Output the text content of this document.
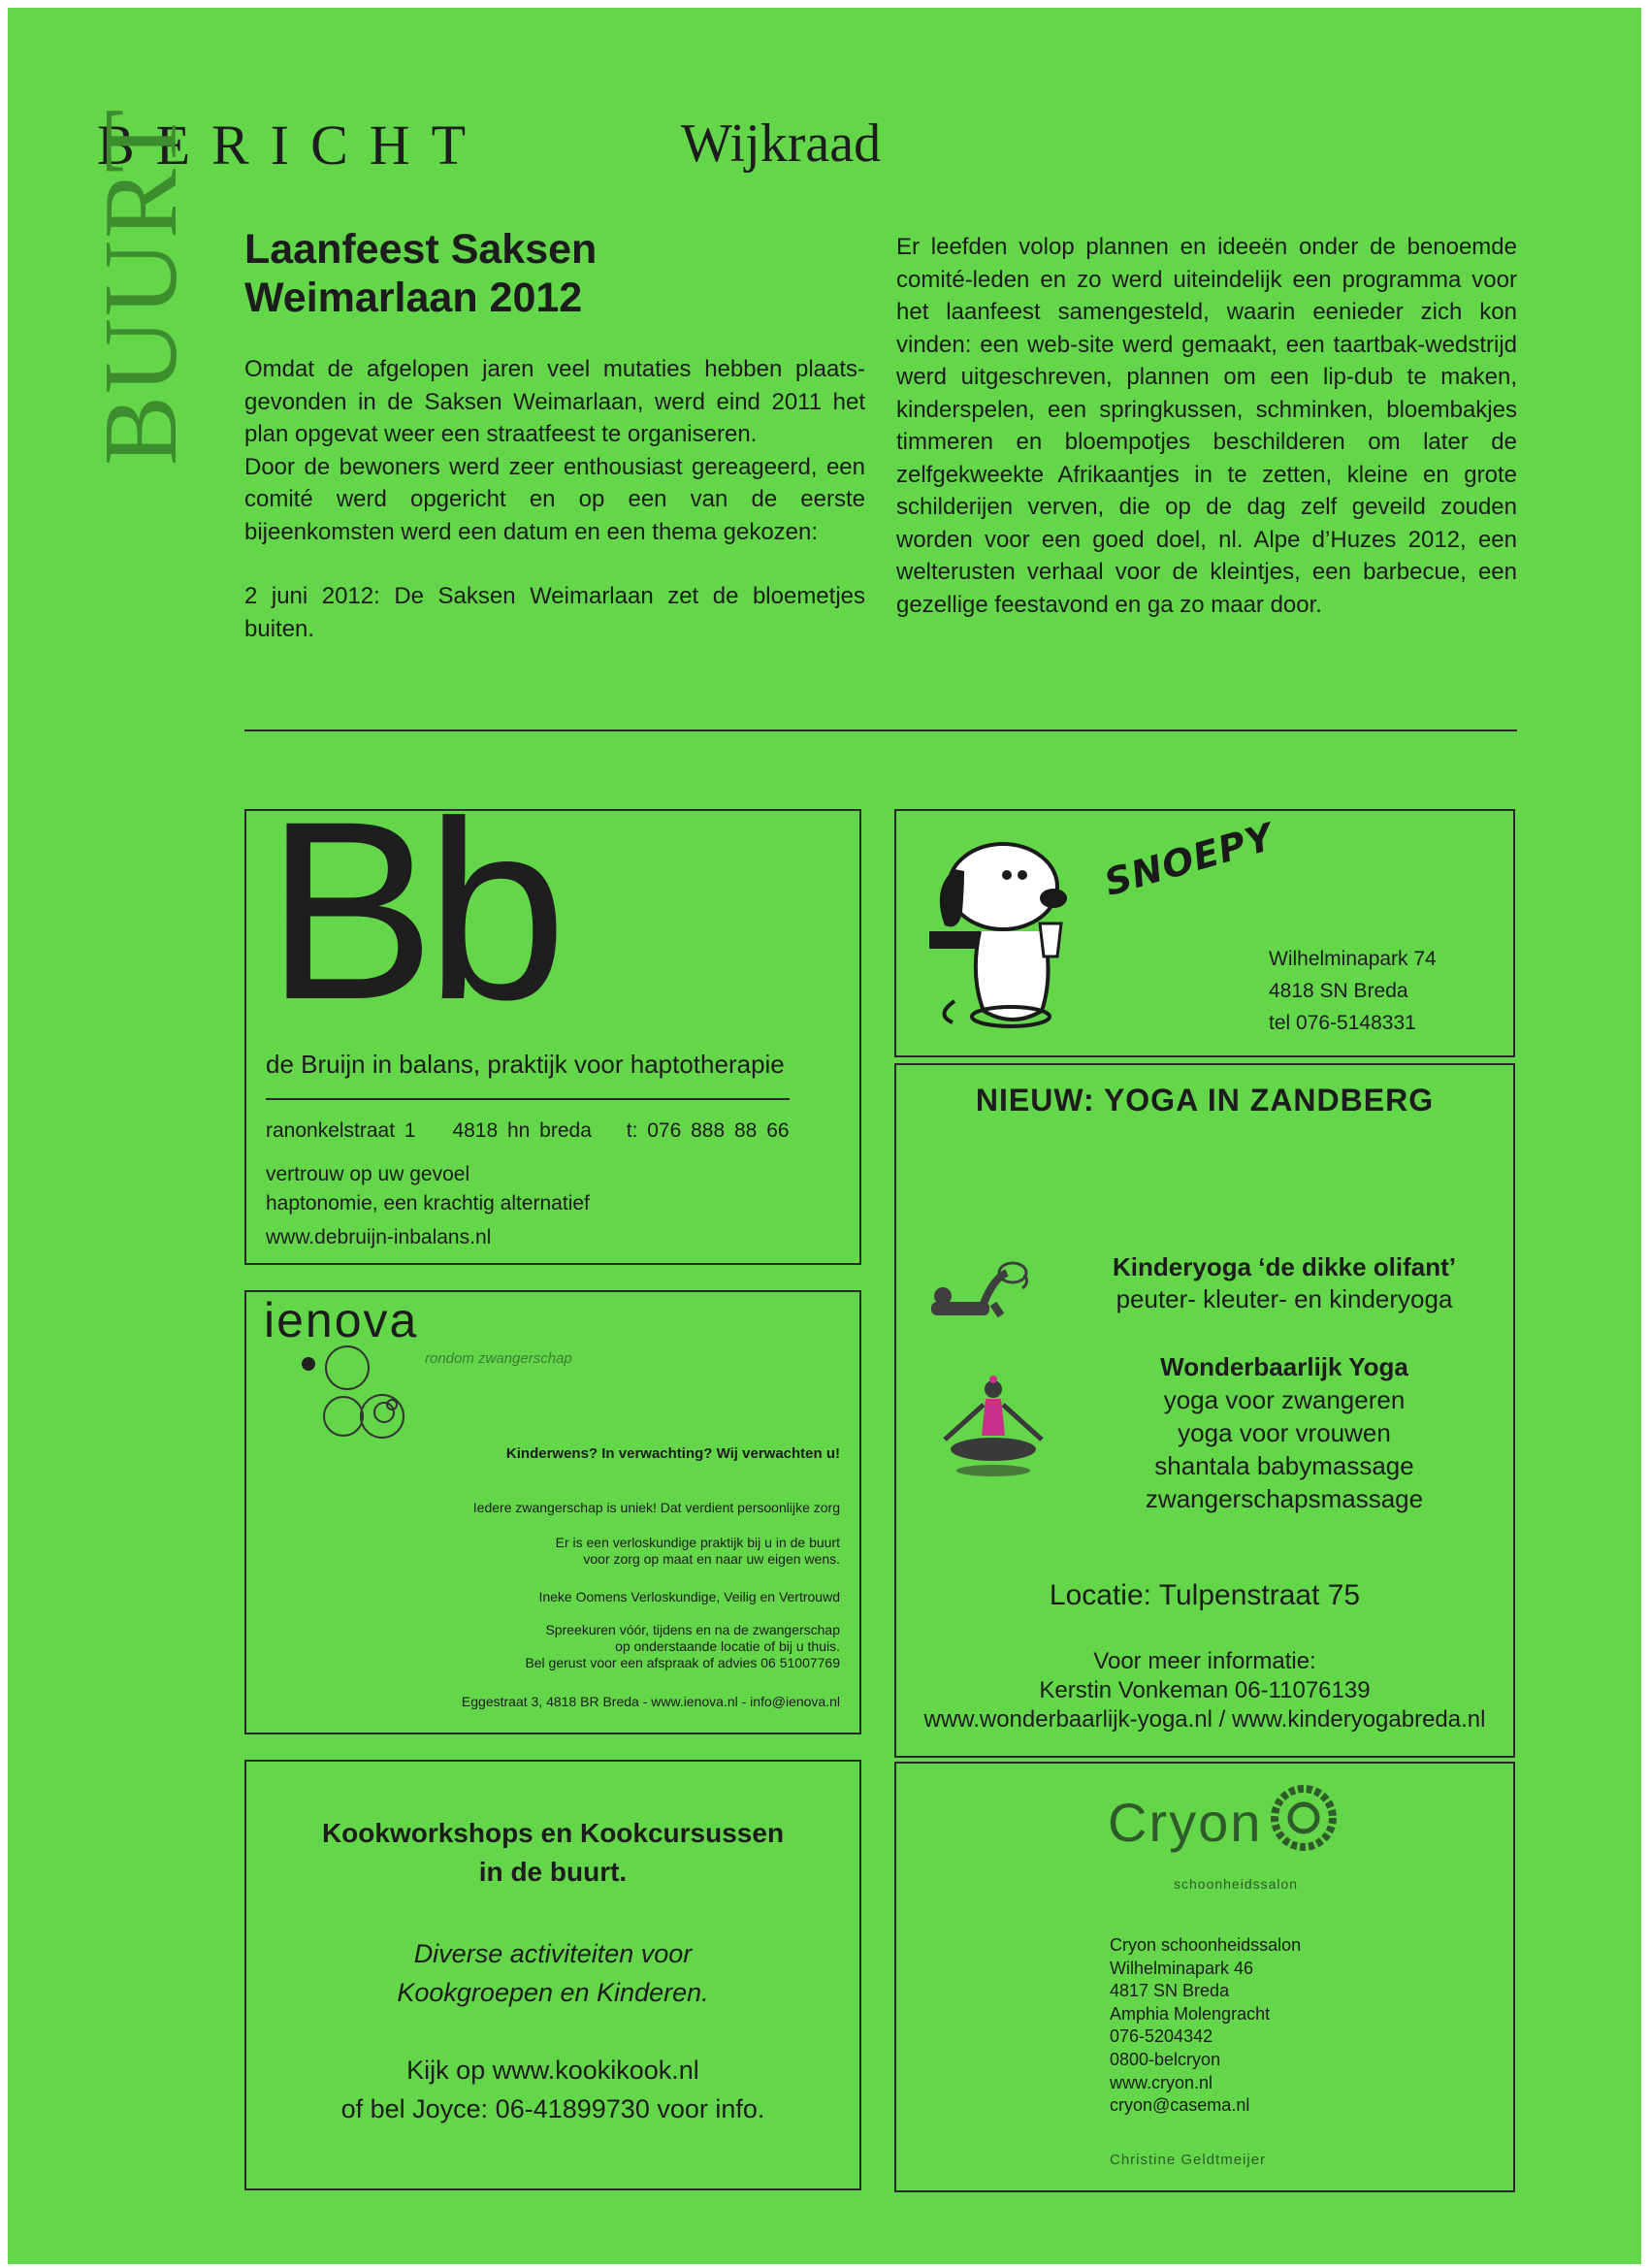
BERICHT	Wijkraad
BUURT Laanfeest Saksen
Weimarlaan 2012

Omdat de afgelopen jaren veel mutaties hebben plaats-gevonden in de Saksen Weimarlaan, werd eind 2011 het plan opgevat weer een straatfeest te organiseren.

Door de bewoners werd zeer enthousiast gereageerd, een comité werd opgericht en op een van de eerste bijeenkomsten werd een datum en een thema gekozen:

2 juni 2012: De Saksen Weimarlaan zet de bloemetjes buiten.

Er leefden volop plannen en ideeën onder de benoemde comité-leden en zo werd uiteindelijk een programma voor het laanfeest samengesteld, waarin eenieder zich kon vinden: een web-site werd gemaakt, een taartbak-wedstrijd werd uitgeschreven, plannen om een lip-dub te maken, kinderspelen, een springkussen, schminken, bloembakjes timmeren en bloempotjes beschilderen om later de zelfgekweekte Afrikaantjes in te zetten, kleine en grote schilderijen verven, die op de dag zelf geveild zouden worden voor een goed doel, nl. Alpe d’Huzes 2012, een welterusten verhaal voor de kleintjes, een barbecue, een gezellige feestavond en ga zo maar door.

Bb
de Bruijn in balans, praktijk voor haptotherapie
ranonkelstraat 1 4818 hn breda t: 076 888 88 66
vertrouw op uw gevoel
haptonomie, een krachtig alternatief
www.debruijn-inbalans.nl
SNOEPY
Wilhelminapark 74
4818 SN Breda
tel 076-5148331
NIEUW: YOGA IN ZANDBERG
Kinderyoga ‘de dikke olifant’
peuter- kleuter- en kinderyoga
Wonderbaarlijk Yoga
yoga voor zwangeren
yoga voor vrouwen
shantala babymassage
zwangerschapsmassage
Locatie: Tulpenstraat 75
Voor meer informatie:
Kerstin Vonkeman 06-11076139
www.wonderbaarlijk-yoga.nl / www.kinderyogabreda.nl
ienova
rondom zwangerschap
Kinderwens? In verwachting? Wij verwachten u!
Iedere zwangerschap is uniek! Dat verdient persoonlijke zorg
Er is een verloskundige praktijk bij u in de buurt
voor zorg op maat en naar uw eigen wens.
Ineke Oomens Verloskundige, Veilig en Vertrouwd
Spreekuren vóór, tijdens en na de zwangerschap
op onderstaande locatie of bij u thuis.
Bel gerust voor een afspraak of advies 06 51007769
Eggestraat 3, 4818 BR Breda - www.ienova.nl - info@ienova.nl
Kookworkshops en Kookcursussen
in de buurt.
Diverse activiteiten voor
Kookgroepen en Kinderen.
Kijk op www.kookikook.nl
of bel Joyce: 06-41899730 voor info.
Cryon
schoonheidssalon
Cryon schoonheidssalon
Wilhelminapark 46
4817 SN Breda
Amphia Molengracht
076-5204342
0800-belcryon
www.cryon.nl
cryon@casema.nl
Christine Geldtmeijer
